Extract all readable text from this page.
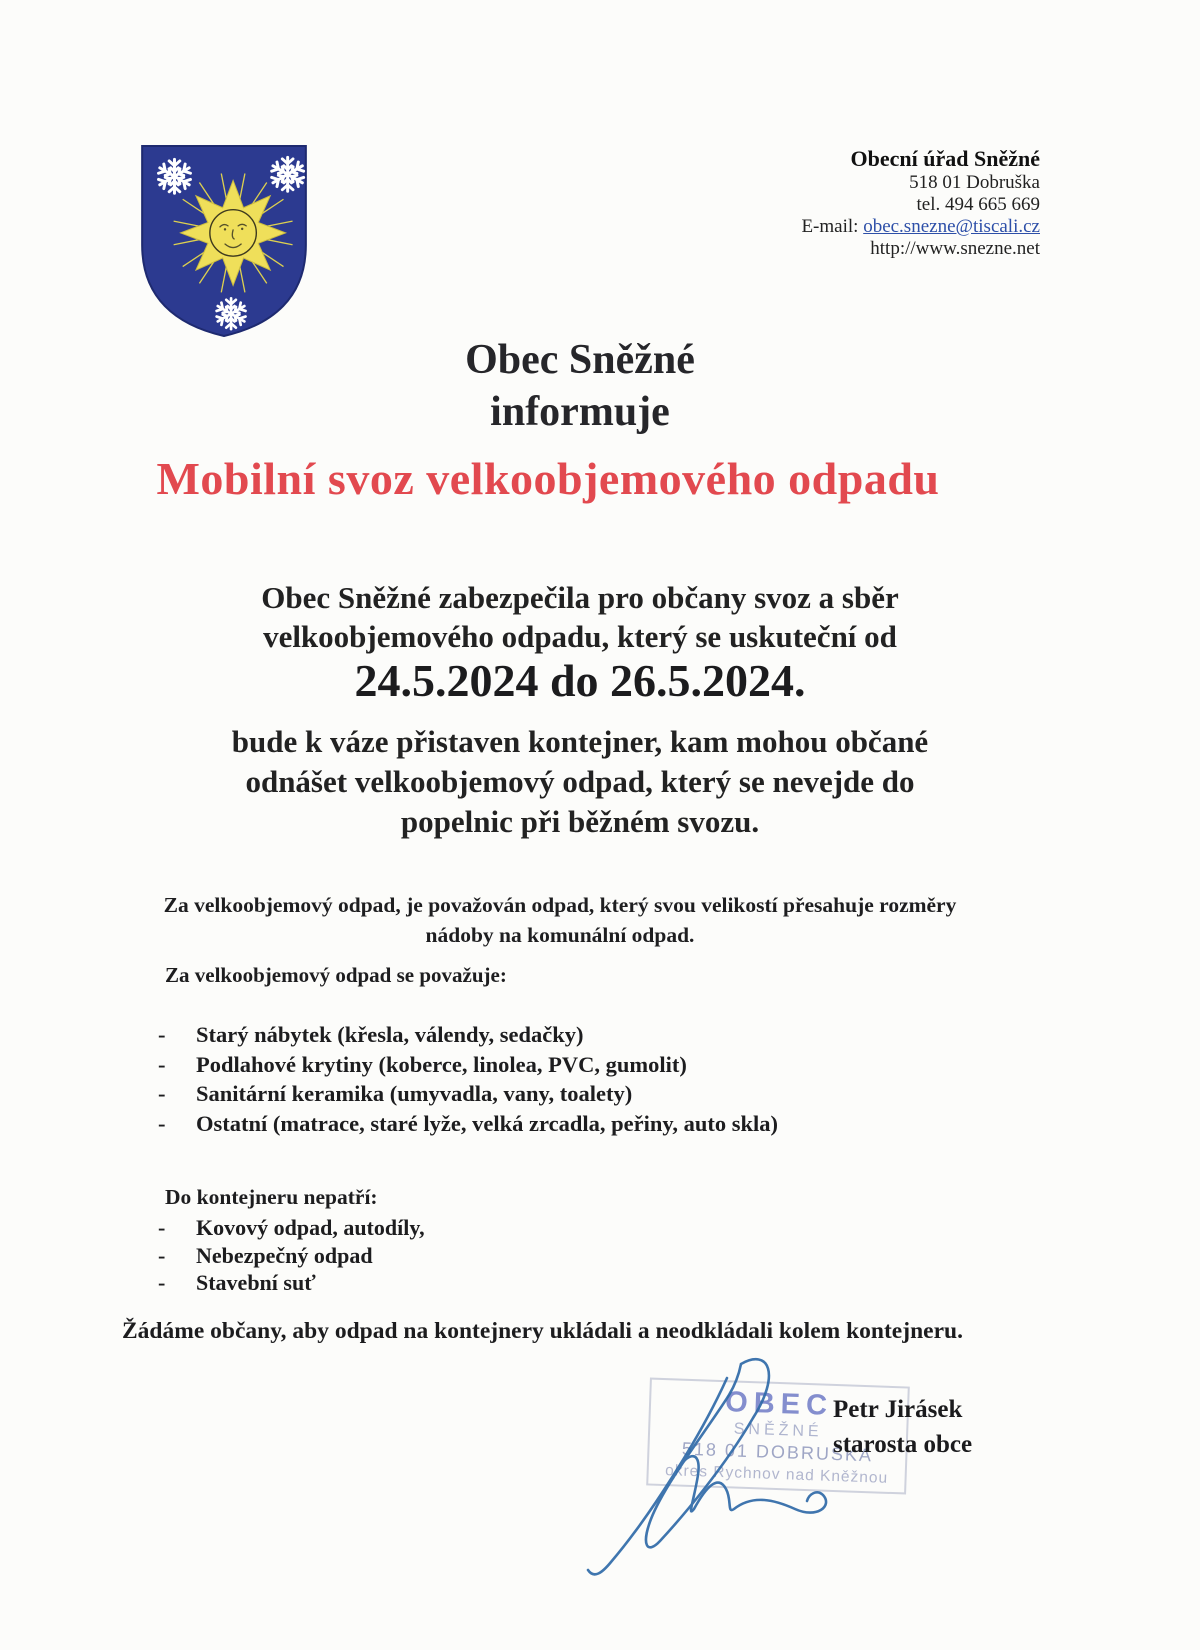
Obecní úřad Sněžné
518 01 Dobruška
tel. 494 665 669
E-mail: obec.snezne@tiscali.cz
http://www.snezne.net
Obec Sněžné
informuje
Mobilní svoz velkoobjemového odpadu
Obec Sněžné zabezpečila pro občany svoz a sběr
velkoobjemového odpadu, který se uskuteční od
24.5.2024 do 26.5.2024.
bude k váze přistaven kontejner, kam mohou občané
odnášet velkoobjemový odpad, který se nevejde do
popelnic při běžném svozu.
Za velkoobjemový odpad, je považován odpad, který svou velikostí přesahuje rozměry
nádoby na komunální odpad.
Za velkoobjemový odpad se považuje:
-
Starý nábytek (křesla, válendy, sedačky)
-
Podlahové krytiny (koberce, linolea, PVC, gumolit)
-
Sanitární keramika (umyvadla, vany, toalety)
-
Ostatní (matrace, staré lyže, velká zrcadla, peřiny, auto skla)
Do kontejneru nepatří:
-
Kovový odpad, autodíly,
-
Nebezpečný odpad
-
Stavební suť
Žádáme občany, aby odpad na kontejnery ukládali a neodkládali kolem kontejneru.
OBEC
SNĚŽNÉ
518 01 DOBRUŠKA
okres Rychnov nad Kněžnou
Petr Jirásek
starosta obce
